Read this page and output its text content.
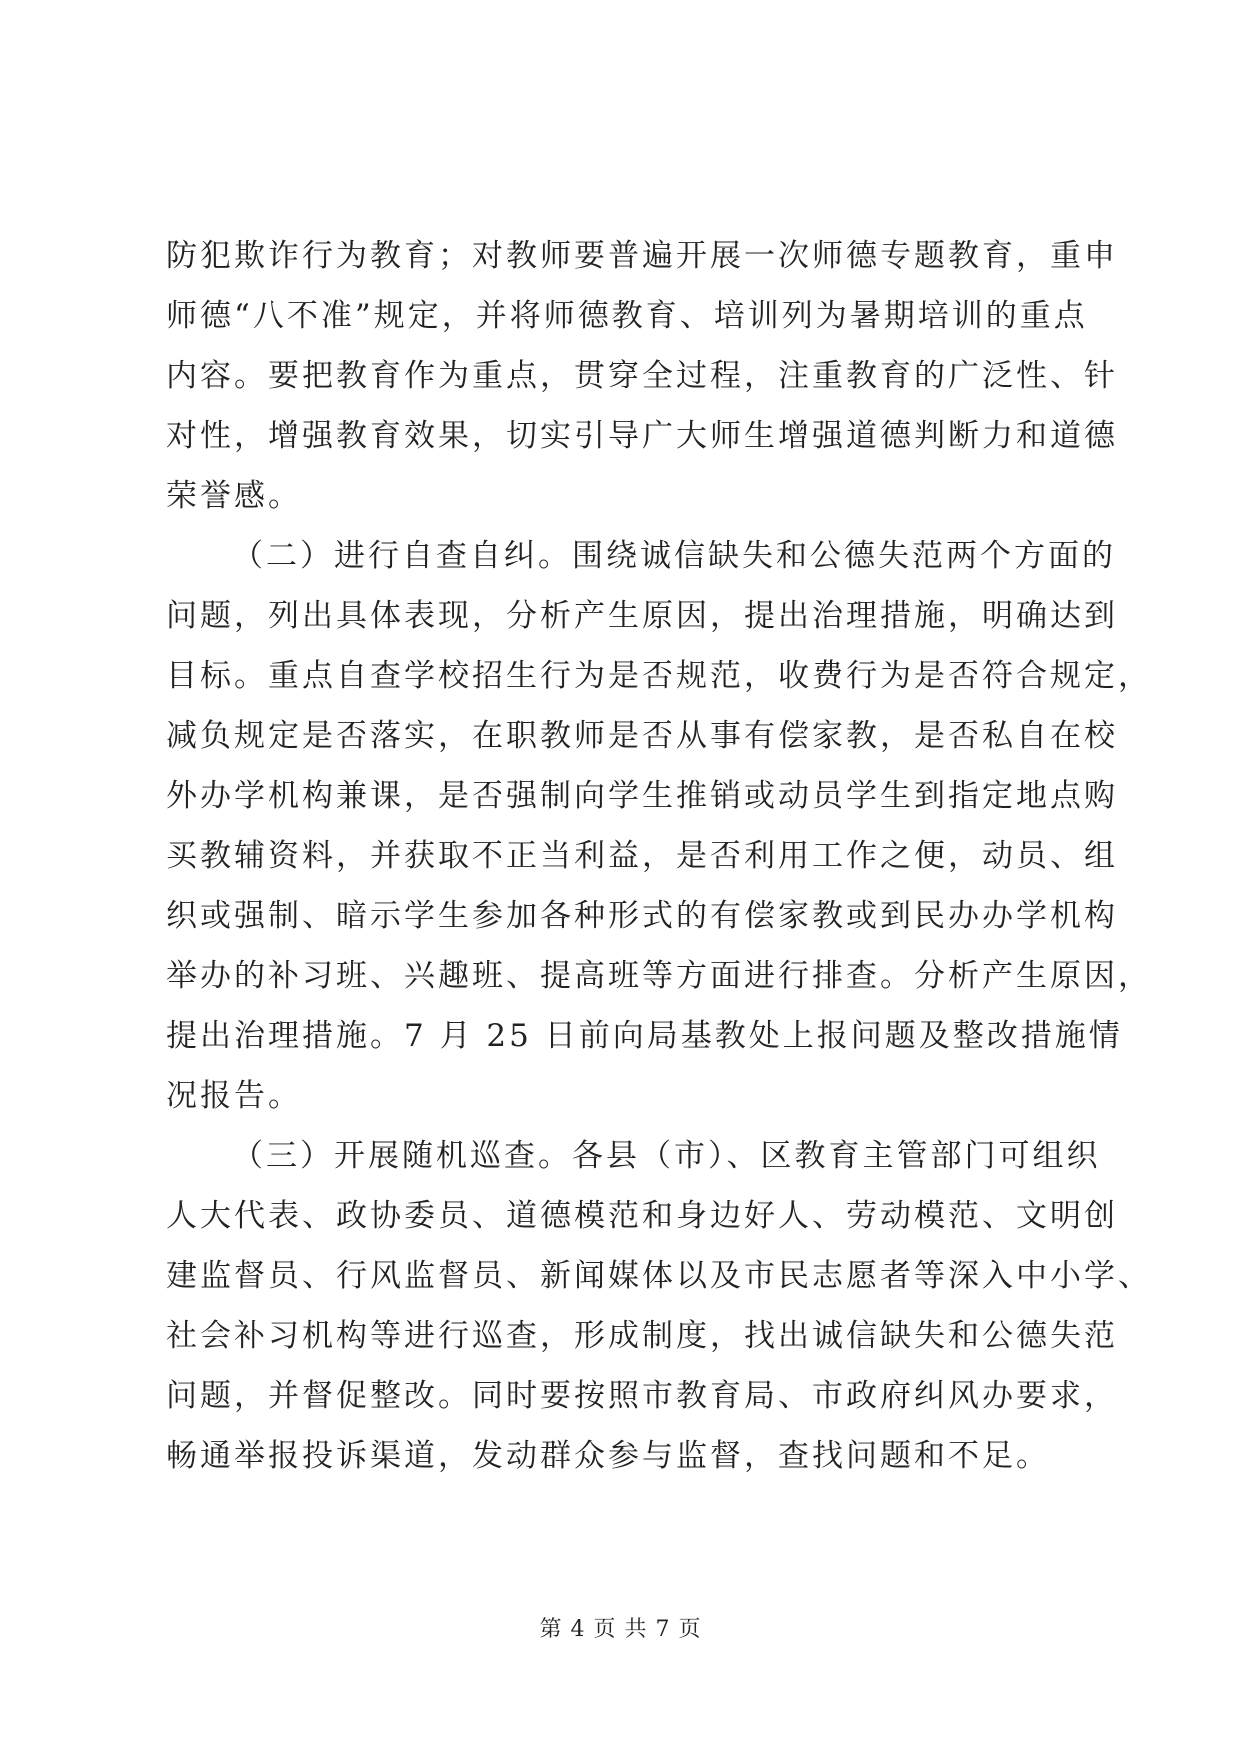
防犯欺诈行为教育；对教师要普遍开展一次师德专题教育，重申
师德“八不准”规定，并将师德教育、培训列为暑期培训的重点
内容。要把教育作为重点，贯穿全过程，注重教育的广泛性、针
对性，增强教育效果，切实引导广大师生增强道德判断力和道德
荣誉感。
（二）进行自查自纠。围绕诚信缺失和公德失范两个方面的
问题，列出具体表现，分析产生原因，提出治理措施，明确达到
目标。重点自查学校招生行为是否规范，收费行为是否符合规定，
减负规定是否落实，在职教师是否从事有偿家教，是否私自在校
外办学机构兼课，是否强制向学生推销或动员学生到指定地点购
买教辅资料，并获取不正当利益，是否利用工作之便，动员、组
织或强制、暗示学生参加各种形式的有偿家教或到民办办学机构
举办的补习班、兴趣班、提高班等方面进行排查。分析产生原因，
提出治理措施。7 月 25 日前向局基教处上报问题及整改措施情
况报告。
（三）开展随机巡查。各县（市）、区教育主管部门可组织
人大代表、政协委员、道德模范和身边好人、劳动模范、文明创
建监督员、行风监督员、新闻媒体以及市民志愿者等深入中小学、
社会补习机构等进行巡查，形成制度，找出诚信缺失和公德失范
问题，并督促整改。同时要按照市教育局、市政府纠风办要求，
畅通举报投诉渠道，发动群众参与监督，查找问题和不足。
第 4 页 共 7 页
